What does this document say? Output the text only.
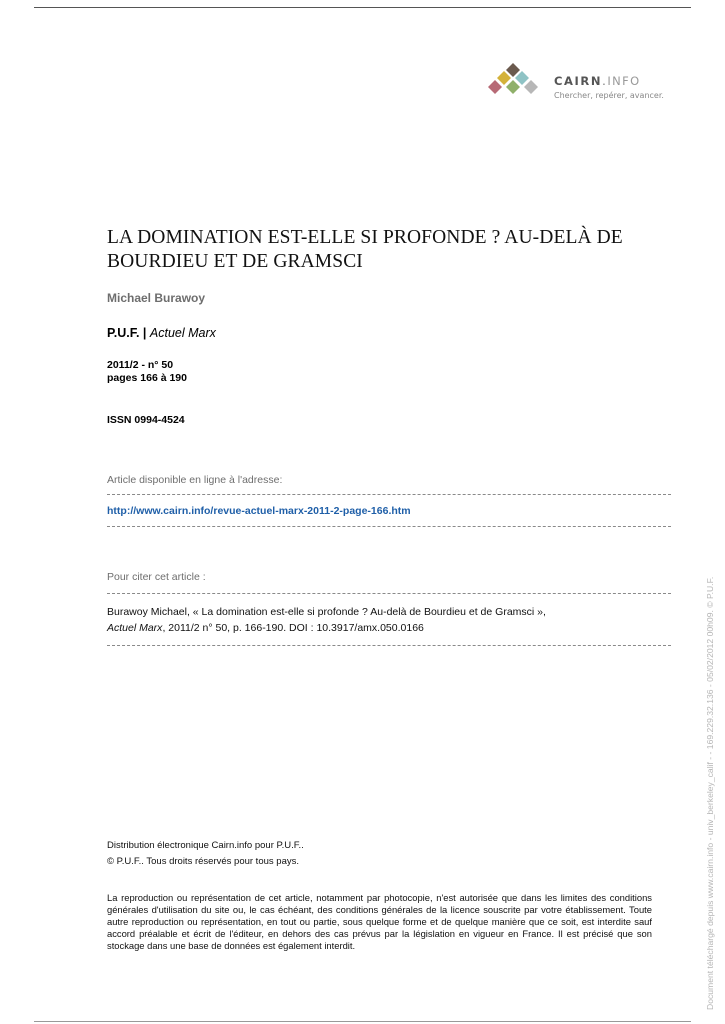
CAIRN.INFO
Chercher, repérer, avancer.
LA DOMINATION EST-ELLE SI PROFONDE ? AU-DELÀ DE BOURDIEU ET DE GRAMSCI
Michael Burawoy
P.U.F. | Actuel Marx
2011/2 - n° 50
pages 166 à 190
ISSN 0994-4524
Article disponible en ligne à l'adresse:
http://www.cairn.info/revue-actuel-marx-2011-2-page-166.htm
Pour citer cet article :
Burawoy Michael, « La domination est-elle si profonde ? Au-delà de Bourdieu et de Gramsci »,
Actuel Marx, 2011/2 n° 50, p. 166-190. DOI : 10.3917/amx.050.0166
Distribution électronique Cairn.info pour P.U.F..
© P.U.F.. Tous droits réservés pour tous pays.
La reproduction ou représentation de cet article, notamment par photocopie, n'est autorisée que dans les limites des conditions générales d'utilisation du site ou, le cas échéant, des conditions générales de la licence souscrite par votre établissement. Toute autre reproduction ou représentation, en tout ou partie, sous quelque forme et de quelque manière que ce soit, est interdite sauf accord préalable et écrit de l'éditeur, en dehors des cas prévus par la législation en vigueur en France. Il est précisé que son stockage dans une base de données est également interdit.	Document téléchargé depuis www.cairn.info - univ_berkeley_calif - - 169.229.32.136 - 05/02/2012 00h09. © P.U.F.
